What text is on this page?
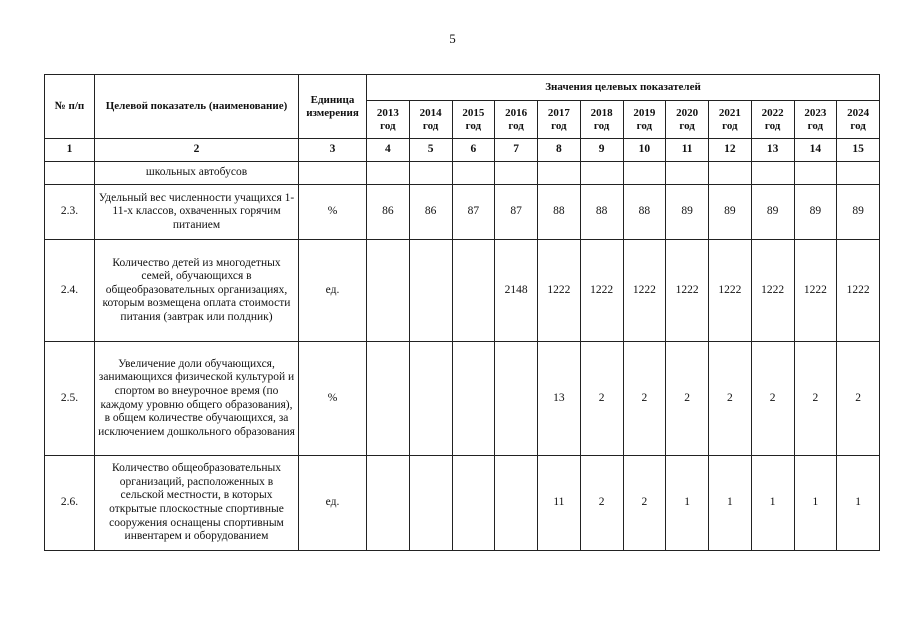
5
№ п/п	Целевой показатель (наименование)	Единица измерения	Значения целевых показателей											
			2013 год	2014 год	2015 год	2016 год	2017 год	2018 год	2019 год	2020 год	2021 год	2022 год	2023 год	2024 год
1	2	3	4	5	6	7	8	9	10	11	12	13	14	15
	школьных автобусов													
2.3.	Удельный вес численности учащихся 1-11-х классов, охваченных горячим питанием	%	86	86	87	87	88	88	88	89	89	89	89	89
2.4.	Количество детей из многодетных семей, обучающихся в общеобразовательных организациях, которым возмещена оплата стоимости питания (завтрак или полдник)	ед.				2148	1222	1222	1222	1222	1222	1222	1222	1222
2.5.	Увеличение доли обучающихся, занимающихся физической культурой и спортом во внеурочное время (по каждому уровню общего образования), в общем количестве обучающихся, за исключением дошкольного образования	%					13	2	2	2	2	2	2	2
2.6.	Количество общеобразовательных организаций, расположенных в сельской местности, в которых открытые плоскостные спортивные сооружения оснащены спортивным инвентарем и оборудованием	ед.					11	2	2	1	1	1	1	1
